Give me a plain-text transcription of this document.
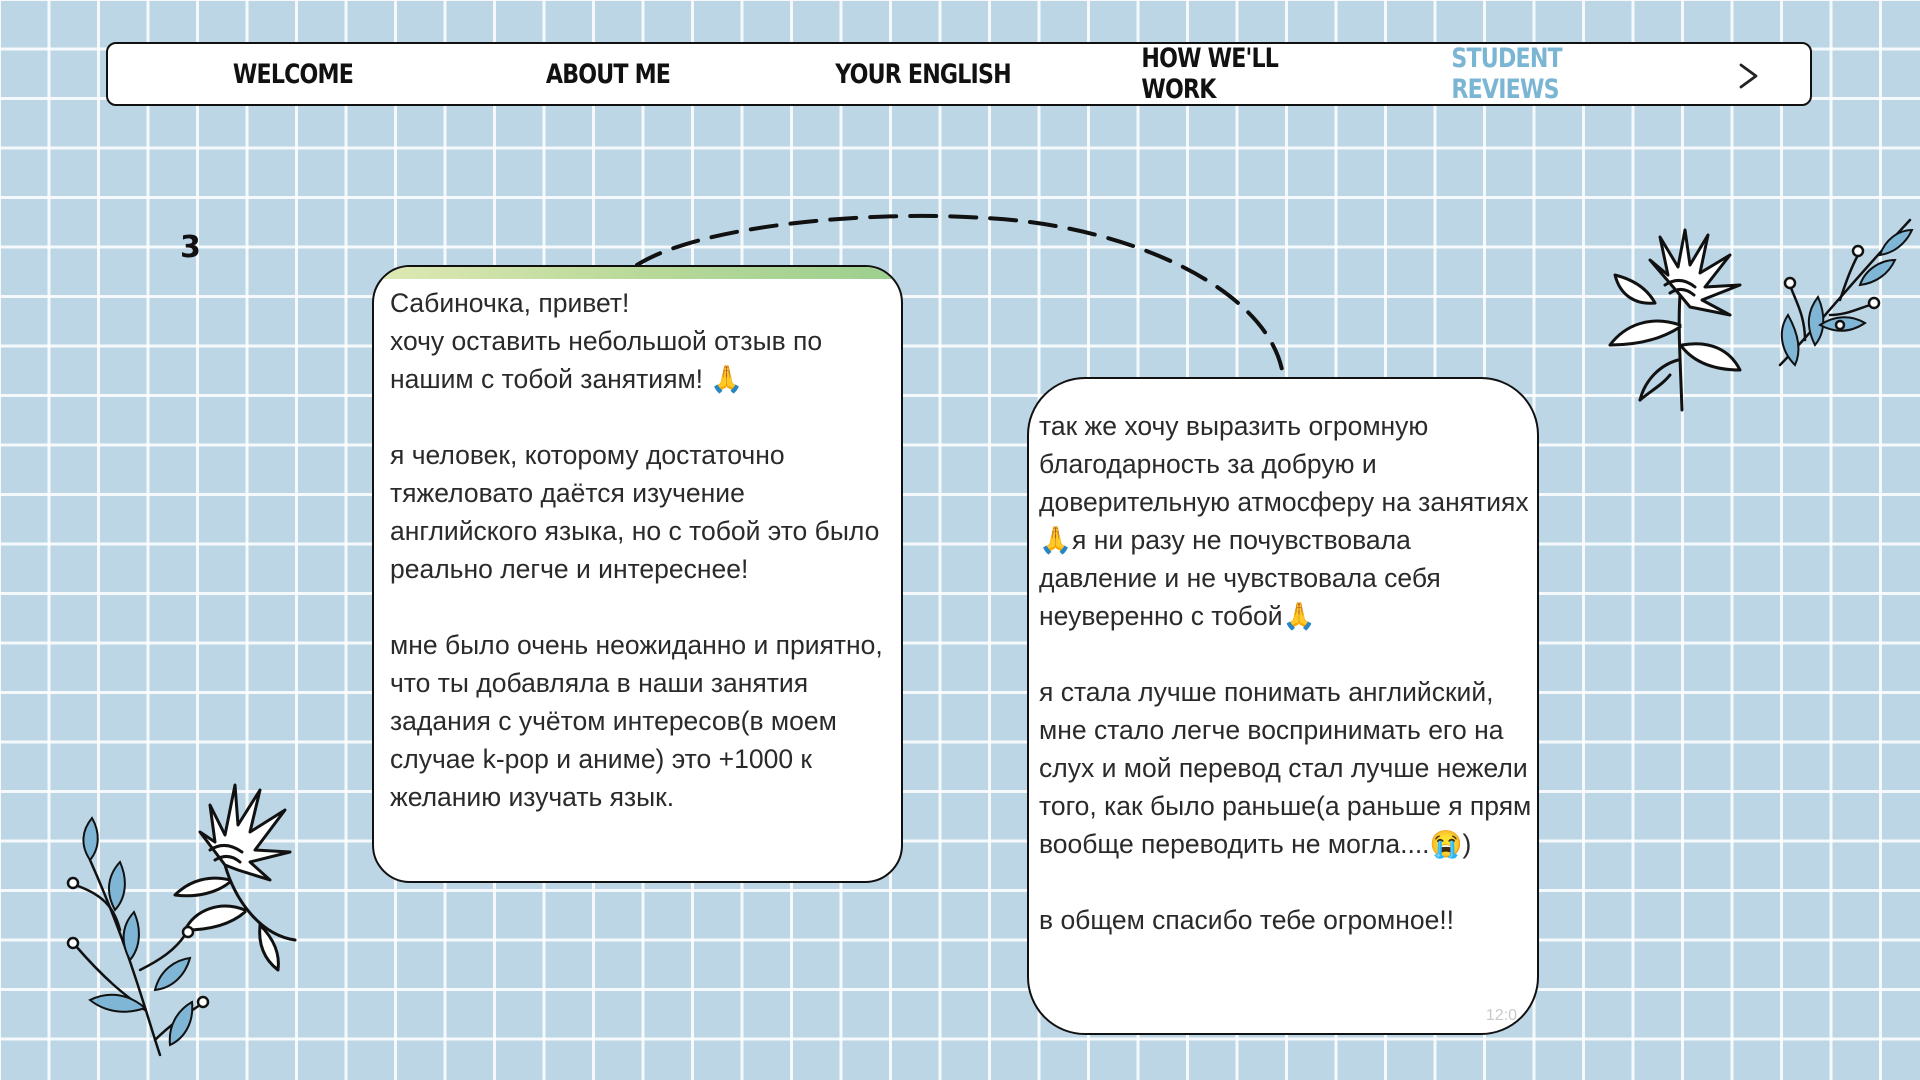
WELCOME	ABOUT ME	YOUR ENGLISH	HOW WE'LL WORK
STUDENT REVIEWS
3

Сабиночка, привет!
хочу оставить небольшой отзыв по нашим с тобой занятиям! 🙏

я человек, которому достаточно тяжеловато даётся изучение английского языка, но с тобой это было реально легче и интереснее!

мне было очень неожиданно и приятно, что ты добавляла в наши занятия задания с учётом интересов(в моем случае k-pop и аниме) это +1000 к желанию изучать язык.

так же хочу выразить огромную благодарность за добрую и доверительную атмосферу на занятиях🙏я ни разу не почувствовала давление и не чувствовала себя неуверенно с тобой🙏

я стала лучше понимать английский, мне стало легче воспринимать его на слух и мой перевод стал лучше нежели того, как было раньше(а раньше я прям вообще переводить не могла....😭)

в общем спасибо тебе огромное!!

12:0
